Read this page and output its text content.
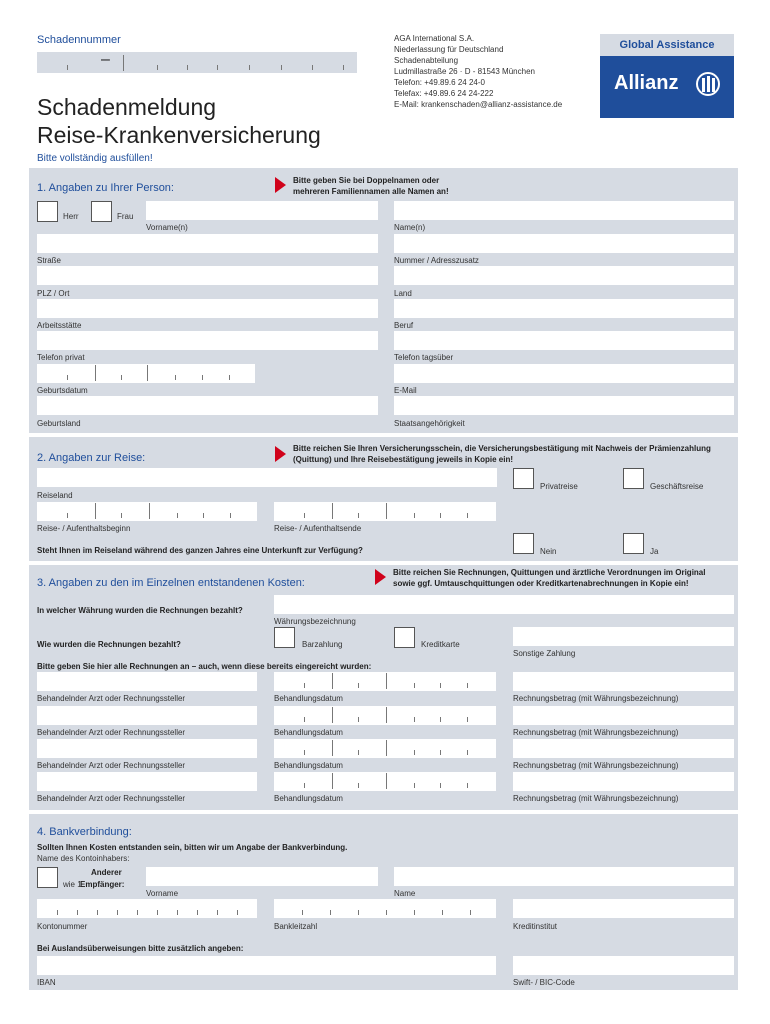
Schadennummer
–
AGA International S.A.
Niederlassung für Deutschland
Schadenabteilung
Ludmillastraße 26 · D - 81543 München
Telefon: +49.89.6 24 24-0
Telefax: +49.89.6 24 24-222
E-Mail: krankenschaden@allianz-assistance.de
Global Assistance
Allianz
Schadenmeldung
Reise-Krankenversicherung
Bitte vollständig ausfüllen!
1. Angaben zu Ihrer Person:
Bitte geben Sie bei Doppelnamen oder
mehreren Familiennamen alle Namen an!
Herr	Frau
Vorname(n)	Name(n)
Straße	Nummer / Adresszusatz
PLZ / Ort	Land
Arbeitsstätte	Beruf
Telefon privat	Telefon tagsüber
Geburtsdatum	E-Mail
Geburtsland	Staatsangehörigkeit
2. Angaben zur Reise:
Bitte reichen Sie Ihren Versicherungsschein, die Versicherungsbestätigung mit Nachweis der Prämienzahlung
(Quittung) und Ihre Reisebestätigung jeweils in Kopie ein!
Reiseland
Privatreise	Geschäftsreise
Reise- / Aufenthaltsbeginn	Reise- / Aufenthaltsende
Steht Ihnen im Reiseland während des ganzen Jahres eine Unterkunft zur Verfügung?	Nein	Ja
3. Angaben zu den im Einzelnen entstandenen Kosten:
Bitte reichen Sie Rechnungen, Quittungen und ärztliche Verordnungen im Original
sowie ggf. Umtauschquittungen oder Kreditkartenabrechnungen in Kopie ein!
In welcher Währung wurden die Rechnungen bezahlt?
Währungsbezeichnung
Wie wurden die Rechnungen bezahlt?	Barzahlung	Kreditkarte
Sonstige Zahlung
Bitte geben Sie hier alle Rechnungen an – auch, wenn diese bereits eingereicht wurden:
Behandelnder Arzt oder Rechnungssteller	Behandlungsdatum	Rechnungsbetrag (mit Währungsbezeichnung)
Behandelnder Arzt oder Rechnungssteller	Behandlungsdatum	Rechnungsbetrag (mit Währungsbezeichnung)
Behandelnder Arzt oder Rechnungssteller	Behandlungsdatum	Rechnungsbetrag (mit Währungsbezeichnung)
Behandelnder Arzt oder Rechnungssteller	Behandlungsdatum	Rechnungsbetrag (mit Währungsbezeichnung)
4. Bankverbindung:
Sollten Ihnen Kosten entstanden sein, bitten wir um Angabe der Bankverbindung.
Name des Kontoinhabers:
wie 1.
Anderer
Empfänger:
Vorname	Name
Kontonummer	Bankleitzahl	Kreditinstitut
Bei Auslandsüberweisungen bitte zusätzlich angeben:
IBAN	Swift- / BIC-Code
